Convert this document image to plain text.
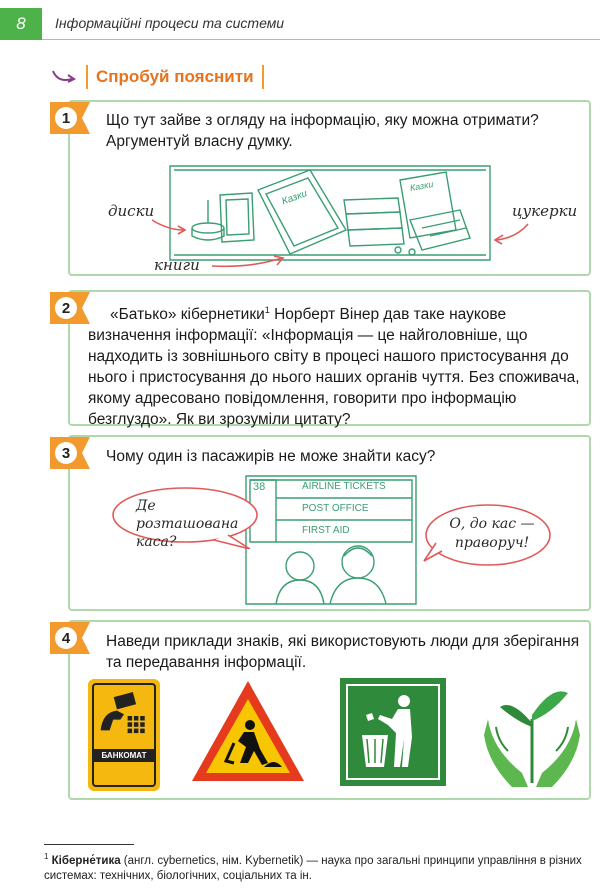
8	Інформаційні процеси та системи
Спробуй пояснити
Що тут зайве з огляду на інформацію, яку можна отримати? Аргументуй власну думку.
Казки
Казки
диски
книги
цукерки
1

«Батько» кібернетики$^1$ Норберт Вінер дав таке наукове визначення інформації: «Інформація — це найголовніше, що надходить із зовнішнього світу в процесі нашого пристосування до нього і пристосування до нього наших органів чуття. Без споживача, якому адресовано повідомлення, говорити про інформацію безглуздо». Як ви зрозуміли цитату?

2
Чому один із пасажирів не може знайти касу?
38	AIRLINE TICKETS
POST OFFICE
FIRST AID
Де розташована каса?
О, до кас — праворуч!
3
Наведи приклади знаків, які використовують люди для зберігання та передавання інформації.
БАНКОМАТ
4
$^1$ Кіберне́тика (англ. cybernetics, нім. Kybernetik) — наука про загальні принципи управління в різних системах: технічних, біологічних, соціальних та ін.
